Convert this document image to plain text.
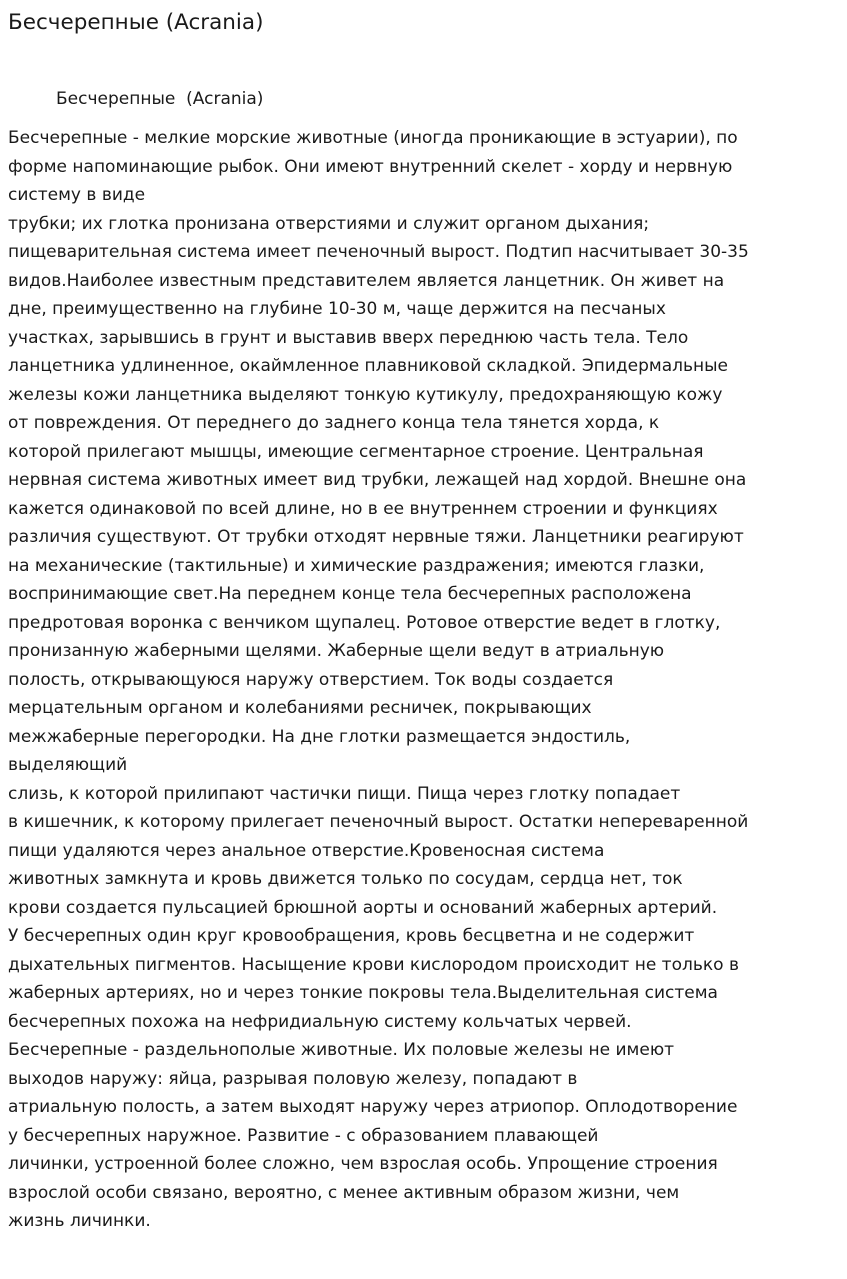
Бесчерепные (Acrania)

Бесчерепные  (Acrania)

Бесчерепные - мелкие морские животные (иногда проникающие в эстуарии), по
форме напоминающие рыбок. Они имеют внутренний скелет - хорду и нервную
систему в виде
трубки; их глотка пронизана отверстиями и служит органом дыхания;
пищеварительная система имеет печеночный вырост. Подтип насчитывает 30-35
видов.Наиболее известным представителем является ланцетник. Он живет на
дне, преимущественно на глубине 10-30 м, чаще держится на песчаных
участках, зарывшись в грунт и выставив вверх переднюю часть тела. Тело
ланцетника удлиненное, окаймленное плавниковой складкой. Эпидермальные
железы кожи ланцетника выделяют тонкую кутикулу, предохраняющую кожу
от повреждения. От переднего до заднего конца тела тянется хорда, к
которой прилегают мышцы, имеющие сегментарное строение. Центральная
нервная система животных имеет вид трубки, лежащей над хордой. Внешне она
кажется одинаковой по всей длине, но в ее внутреннем строении и функциях
различия существуют. От трубки отходят нервные тяжи. Ланцетники реагируют
на механические (тактильные) и химические раздражения; имеются глазки,
воспринимающие свет.На переднем конце тела бесчерепных расположена
предротовая воронка с венчиком щупалец. Ротовое отверстие ведет в глотку,
пронизанную жаберными щелями. Жаберные щели ведут в атриальную
полость, открывающуюся наружу отверстием. Ток воды создается
мерцательным органом и колебаниями ресничек, покрывающих
межжаберные перегородки. На дне глотки размещается эндостиль,
выделяющий
слизь, к которой прилипают частички пищи. Пища через глотку попадает
в кишечник, к которому прилегает печеночный вырост. Остатки непереваренной
пищи удаляются через анальное отверстие.Кровеносная система
животных замкнута и кровь движется только по сосудам, сердца нет, ток
крови создается пульсацией брюшной аорты и оснований жаберных артерий.
У бесчерепных один круг кровообращения, кровь бесцветна и не содержит
дыхательных пигментов. Насыщение крови кислородом происходит не только в
жаберных артериях, но и через тонкие покровы тела.Выделительная система
бесчерепных похожа на нефридиальную систему кольчатых червей.
Бесчерепные - раздельнополые животные. Их половые железы не имеют
выходов наружу: яйца, разрывая половую железу, попадают в
атриальную полость, а затем выходят наружу через атриопор. Оплодотворение
у бесчерепных наружное. Развитие - с образованием плавающей
личинки, устроенной более сложно, чем взрослая особь. Упрощение строения
взрослой особи связано, вероятно, с менее активным образом жизни, чем
жизнь личинки.
